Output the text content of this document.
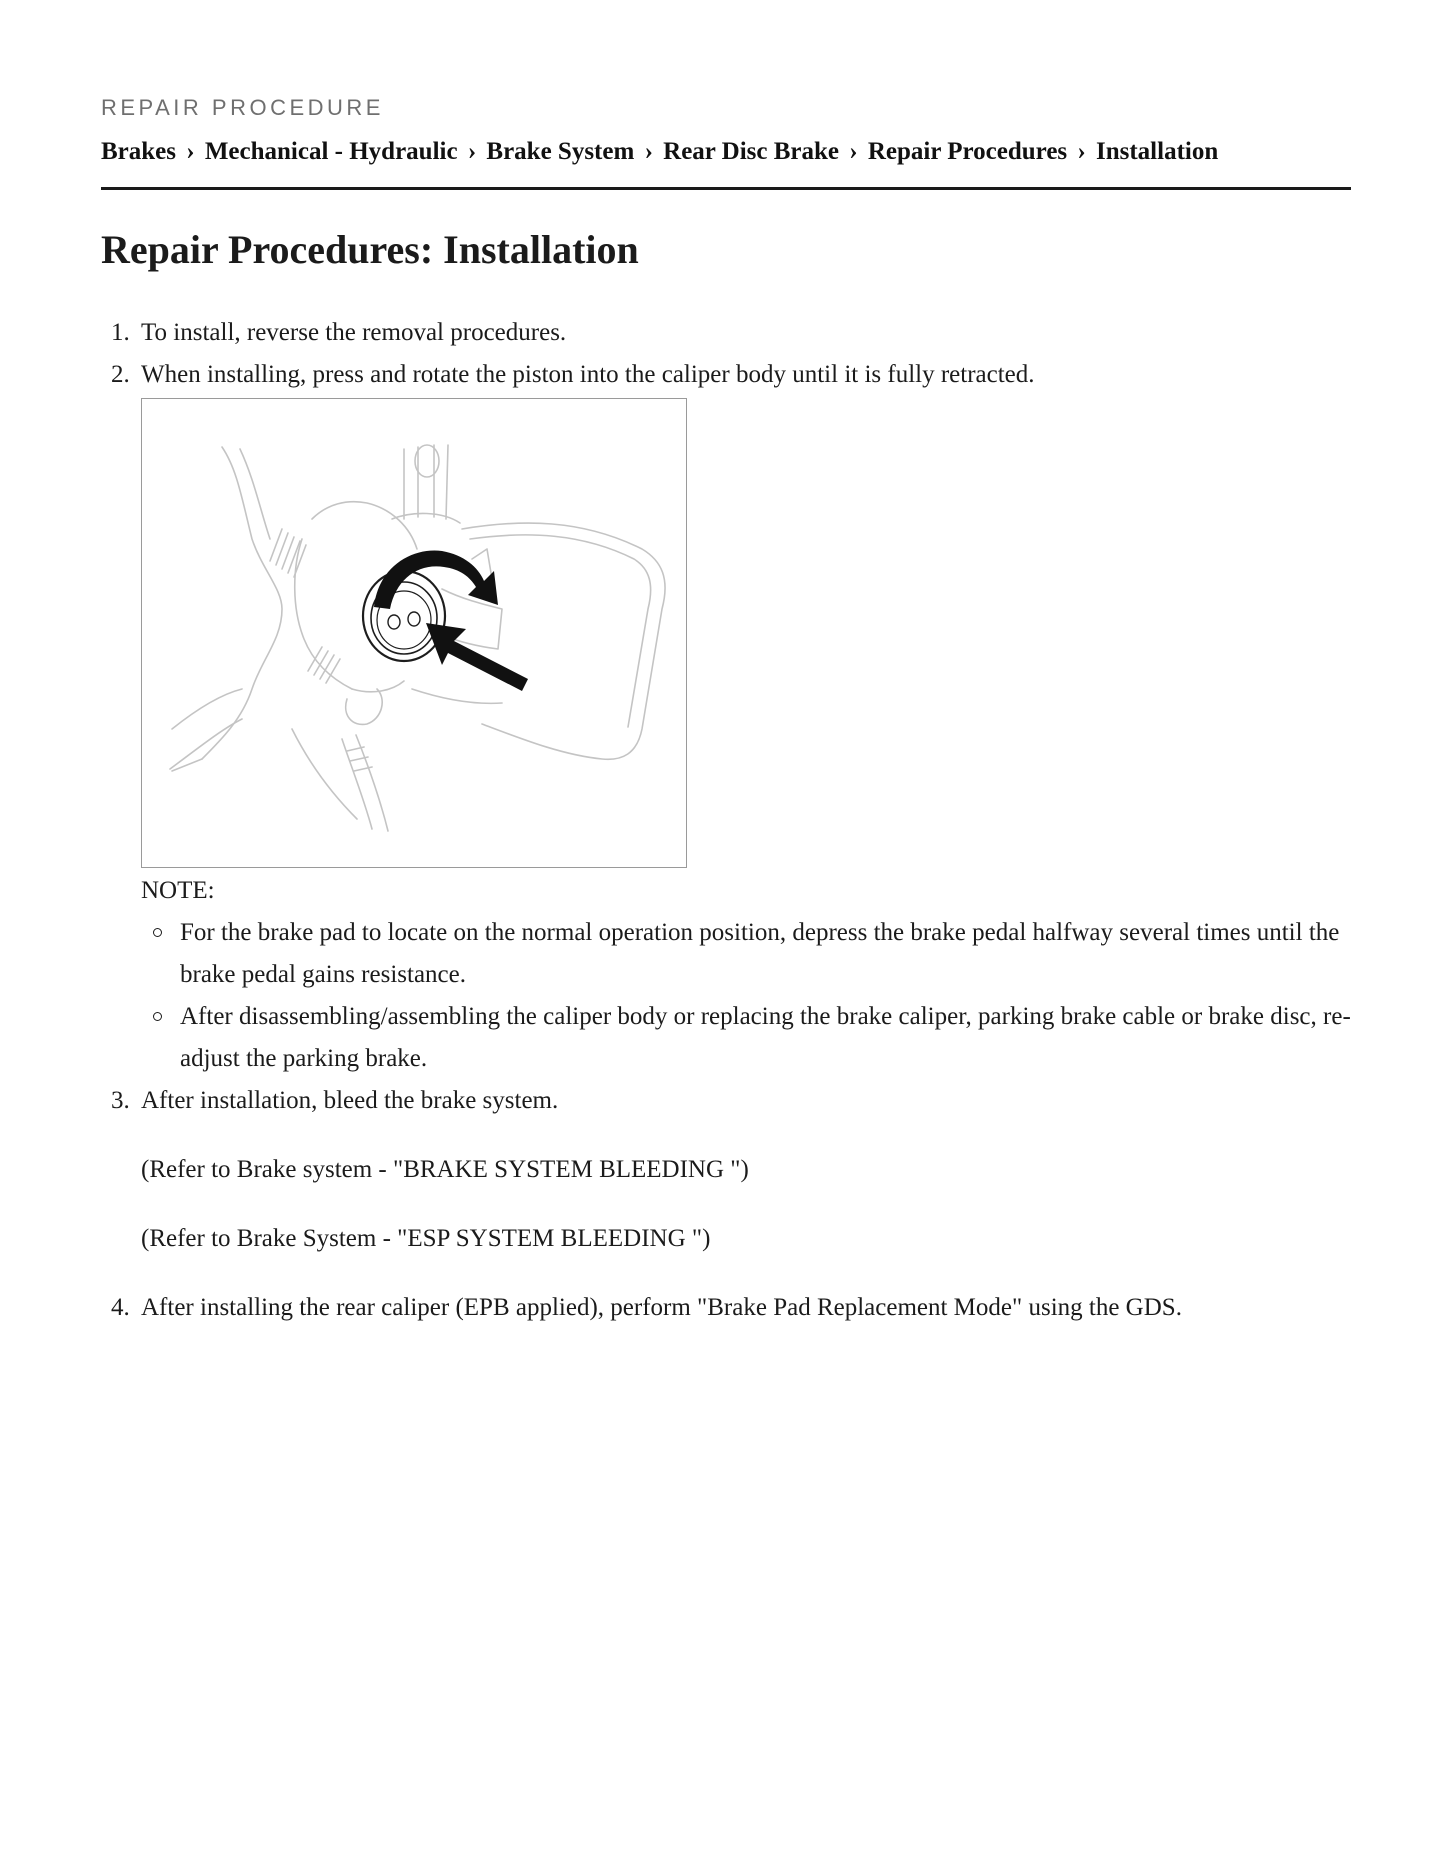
REPAIR PROCEDURE
Brakes › Mechanical - Hydraulic › Brake System › Rear Disc Brake › Repair Procedures › Installation
Repair Procedures: Installation
1. To install, reverse the removal procedures.
2. When installing, press and rotate the piston into the caliper body until it is fully retracted.
NOTE:
For the brake pad to locate on the normal operation position, depress the brake pedal halfway several times until the brake pedal gains resistance.
After disassembling/assembling the caliper body or replacing the brake caliper, parking brake cable or brake disc, re-adjust the parking brake.
3. After installation, bleed the brake system.
(Refer to Brake system - "BRAKE SYSTEM BLEEDING ")
(Refer to Brake System - "ESP SYSTEM BLEEDING ")
4. After installing the rear caliper (EPB applied), perform "Brake Pad Replacement Mode" using the GDS.
